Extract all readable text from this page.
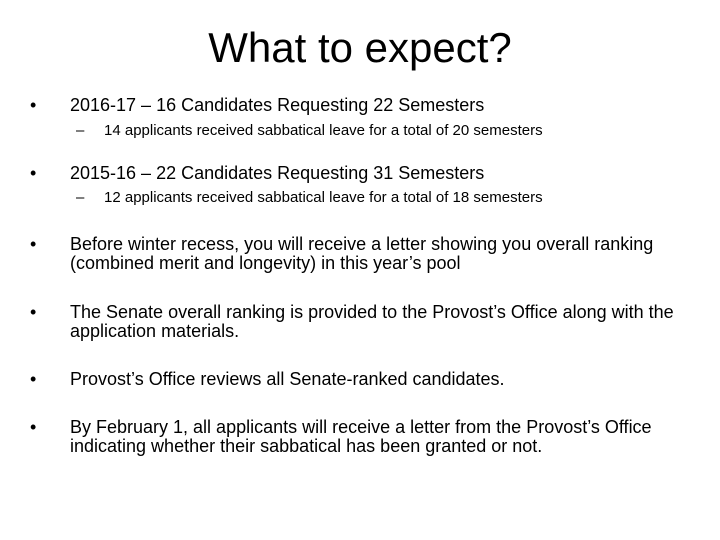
What to expect?
•	2016-17 – 16 Candidates Requesting 22 Semesters
– 14 applicants received sabbatical leave for a total of 20 semesters
•	2015-16 – 22 Candidates Requesting 31 Semesters
– 12 applicants received sabbatical leave for a total of 18 semesters
•	Before winter recess, you will receive a letter showing you overall ranking (combined merit and longevity) in this year’s pool
•	The Senate overall ranking is provided to the Provost’s Office along with the application materials.
•	Provost’s Office reviews all Senate-ranked candidates.
•	By February 1, all applicants will receive a letter from the Provost’s Office indicating whether their sabbatical has been granted or not.
